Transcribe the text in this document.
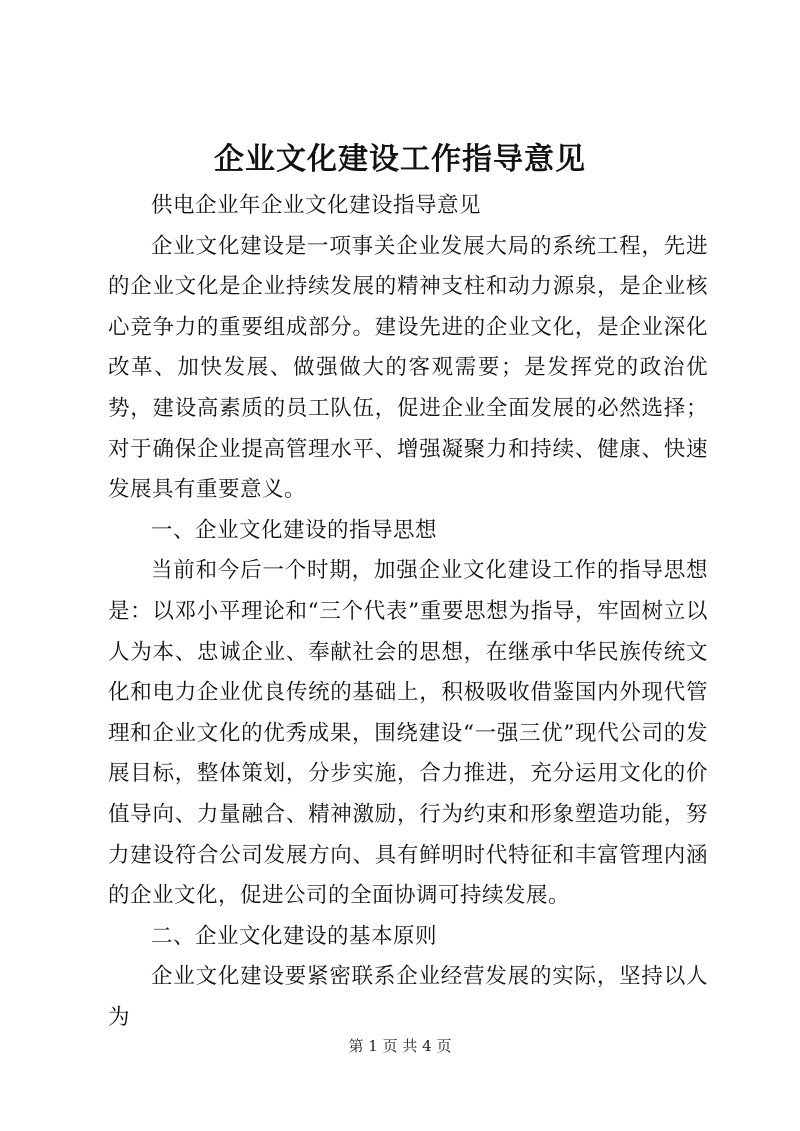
企业文化建设工作指导意见

供电企业年企业文化建设指导意见

企业文化建设是一项事关企业发展大局的系统工程，先进的企业文化是企业持续发展的精神支柱和动力源泉，是企业核心竞争力的重要组成部分。建设先进的企业文化，是企业深化改革、加快发展、做强做大的客观需要；是发挥党的政治优势，建设高素质的员工队伍，促进企业全面发展的必然选择；对于确保企业提高管理水平、增强凝聚力和持续、健康、快速发展具有重要意义。

一、企业文化建设的指导思想

当前和今后一个时期，加强企业文化建设工作的指导思想是：以邓小平理论和“三个代表”重要思想为指导，牢固树立以人为本、忠诚企业、奉献社会的思想，在继承中华民族传统文化和电力企业优良传统的基础上，积极吸收借鉴国内外现代管理和企业文化的优秀成果，围绕建设“一强三优”现代公司的发展目标，整体策划，分步实施，合力推进，充分运用文化的价值导向、力量融合、精神激励，行为约束和形象塑造功能，努力建设符合公司发展方向、具有鲜明时代特征和丰富管理内涵的企业文化，促进公司的全面协调可持续发展。

二、企业文化建设的基本原则

企业文化建设要紧密联系企业经营发展的实际，坚持以人为

第 1 页 共 4 页
